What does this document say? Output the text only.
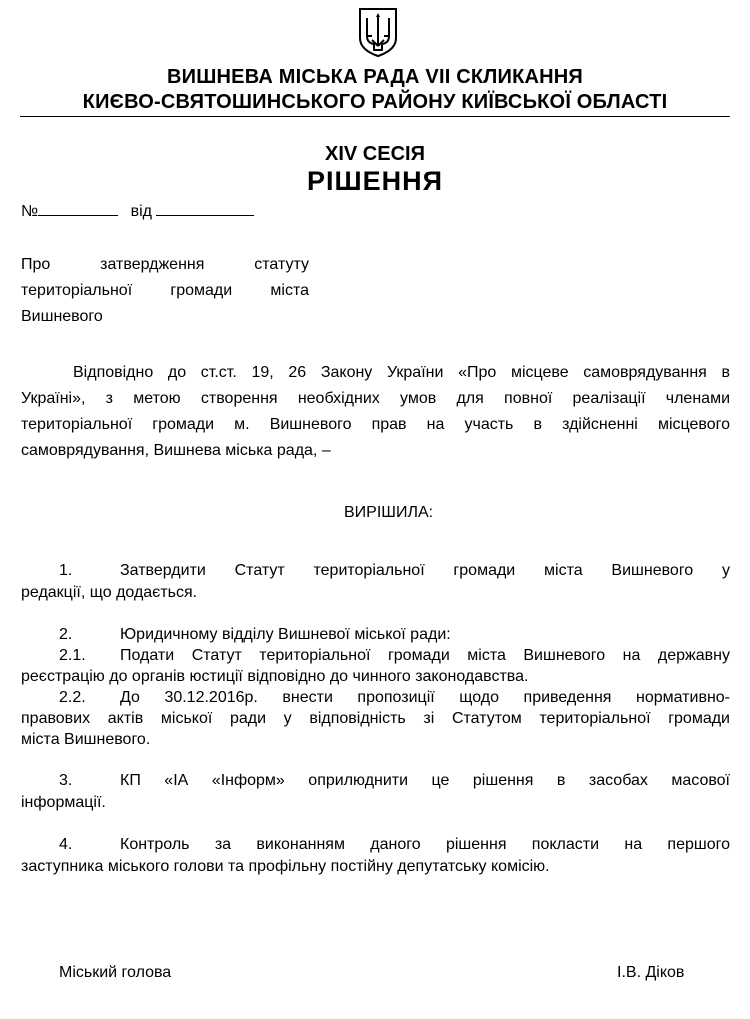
ВИШНЕВА МІСЬКА РАДА VII СКЛИКАННЯ
КИЄВО-СВЯТОШИНСЬКОГО РАЙОНУ КИЇВСЬКОЇ ОБЛАСТІ
XIV СЕСІЯ
РІШЕННЯ
№	від
Про затвердження статуту
територіальної громади міста
Вишневого
Відповідно до ст.ст. 19, 26 Закону України «Про місцеве самоврядування в
Україні», з метою створення необхідних умов для повної реалізації членами
територіальної громади м. Вишневого прав на участь в здійсненні місцевого
самоврядування, Вишнева міська рада, –
ВИРІШИЛА:
1.	Затвердити Статут територіальної громади міста Вишневого у
редакції, що додається.
2.	Юридичному відділу Вишневої міської ради:
2.1. Подати Статут територіальної громади міста Вишневого на державну
реєстрацію до органів юстиції відповідно до чинного законодавства.
2.2. До 30.12.2016р. внести пропозиції щодо приведення нормативно-
правових актів міської ради у відповідність зі Статутом територіальної громади
міста Вишневого.
3.	КП «ІА «Інформ» оприлюднити це рішення в засобах масової
інформації.
4.	Контроль за виконанням даного рішення покласти на першого
заступника міського голови та профільну постійну депутатську комісію.
Міський голова	І.В. Діков
